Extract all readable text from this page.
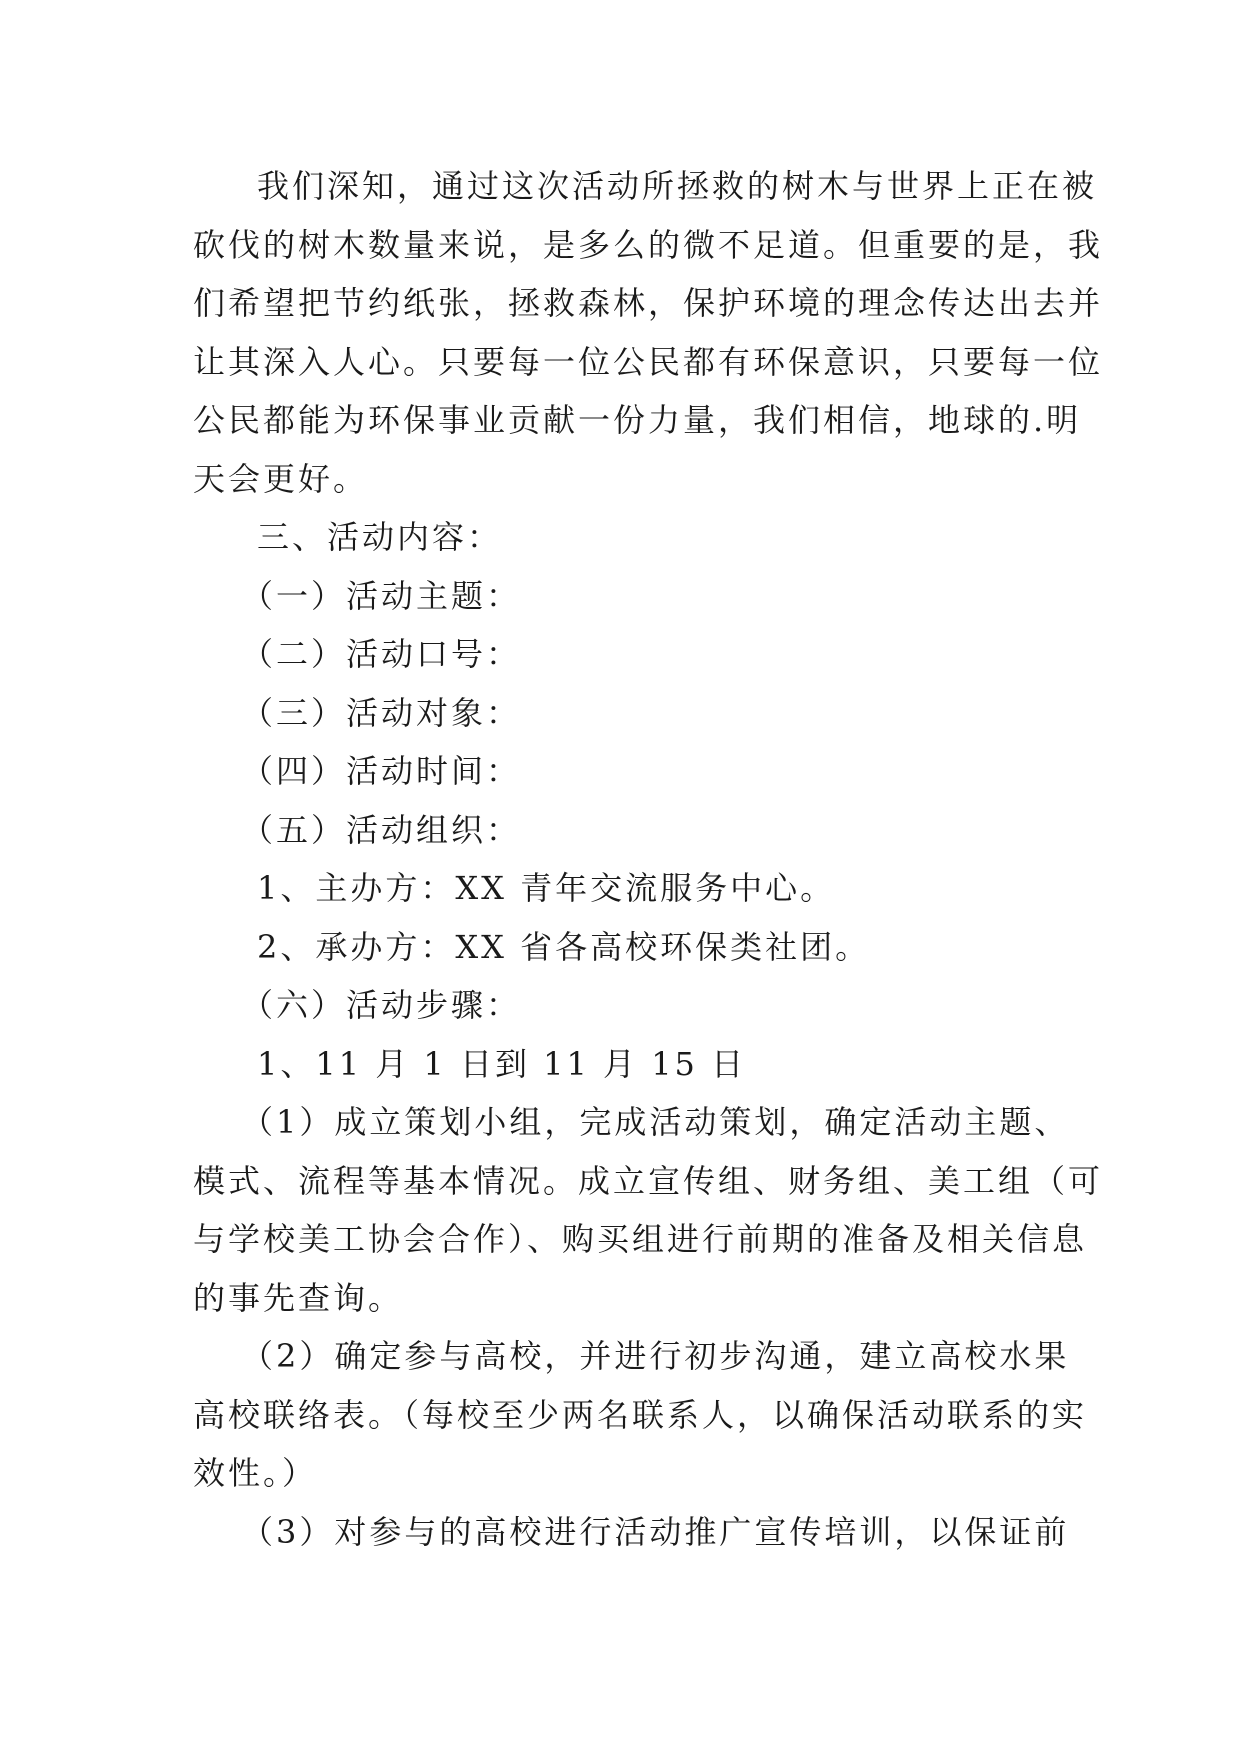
我们深知，通过这次活动所拯救的树木与世界上正在被
砍伐的树木数量来说，是多么的微不足道。但重要的是，我
们希望把节约纸张，拯救森林，保护环境的理念传达出去并
让其深入人心。只要每一位公民都有环保意识，只要每一位
公民都能为环保事业贡献一份力量，我们相信，地球的.明
天会更好。

三、活动内容：

（一）活动主题：

（二）活动口号：

（三）活动对象：

（四）活动时间：

（五）活动组织：

1、主办方：XX 青年交流服务中心。

2、承办方：XX 省各高校环保类社团。

（六）活动步骤：

1、11 月 1 日到 11 月 15 日

（1）成立策划小组，完成活动策划，确定活动主题、
模式、流程等基本情况。成立宣传组、财务组、美工组（可
与学校美工协会合作）、购买组进行前期的准备及相关信息
的事先查询。
（2）确定参与高校，并进行初步沟通，建立高校水果
高校联络表。（每校至少两名联系人，以确保活动联系的实
效性。）
（3）对参与的高校进行活动推广宣传培训，以保证前
